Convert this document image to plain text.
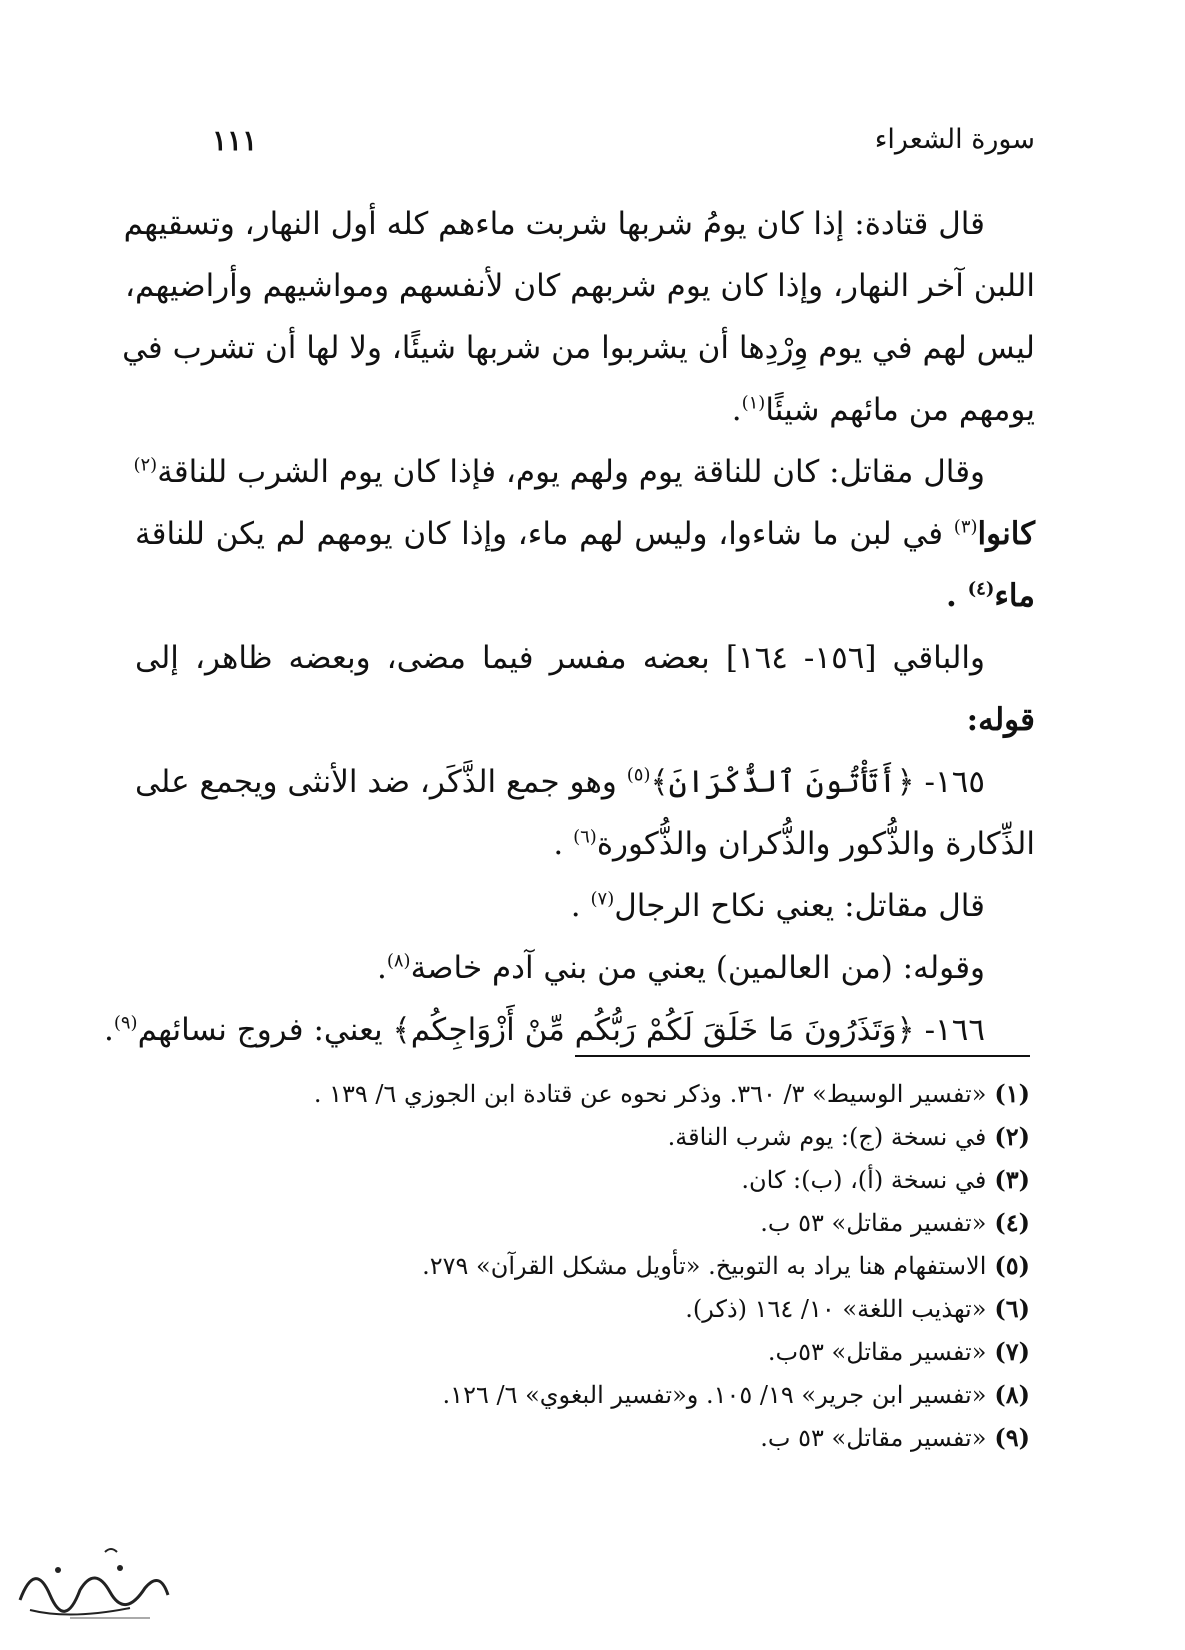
سورة الشعراء
١١١
قال قتادة: إذا كان يومُ شربها شربت ماءهم كله أول النهار، وتسقيهم
اللبن آخر النهار، وإذا كان يوم شربهم كان لأنفسهم ومواشيهم وأراضيهم،
ليس لهم في يوم وِرْدِها أن يشربوا من شربها شيئًا، ولا لها أن تشرب في
يومهم من مائهم شيئًا$^{(١)}$.
وقال مقاتل: كان للناقة يوم ولهم يوم، فإذا كان يوم الشرب للناقة$^{(٢)}$
كانوا$^{(٣)}$ في لبن ما شاءوا، وليس لهم ماء، وإذا كان يومهم لم يكن للناقة
ماء$^{(٤)}$ .
والباقي [١٥٦- ١٦٤] بعضه مفسر فيما مضى، وبعضه ظاهر، إلى
قوله:
١٦٥- ﴿أَتَأْتُونَ ٱلذُّكْرَانَ﴾$^{(٥)}$ وهو جمع الذَّكَر، ضد الأنثى ويجمع على
الذِّكارة والذُّكور والذُّكران والذُّكورة$^{(٦)}$ .
قال مقاتل: يعني نكاح الرجال$^{(٧)}$ .
وقوله: (من العالمين) يعني من بني آدم خاصة$^{(٨)}$.
١٦٦- ﴿وَتَذَرُونَ مَا خَلَقَ لَكُمْ رَبُّكُم مِّنْ أَزْوَاجِكُم﴾ يعني: فروج نسائهم$^{(٩)}$.
(١)«تفسير الوسيط» ٣/ ٣٦٠. وذكر نحوه عن قتادة ابن الجوزي ٦/ ١٣٩ .
(٢)في نسخة (ج): يوم شرب الناقة.
(٣)في نسخة (أ)، (ب): كان.
(٤)«تفسير مقاتل» ٥٣ ب.
(٥)الاستفهام هنا يراد به التوبيخ. «تأويل مشكل القرآن» ٢٧٩.
(٦)«تهذيب اللغة» ١٠/ ١٦٤ (ذكر).
(٧)«تفسير مقاتل» ٥٣ب.
(٨)«تفسير ابن جرير» ١٩/ ١٠٥. و«تفسير البغوي» ٦/ ١٢٦.
(٩)«تفسير مقاتل» ٥٣ ب.
